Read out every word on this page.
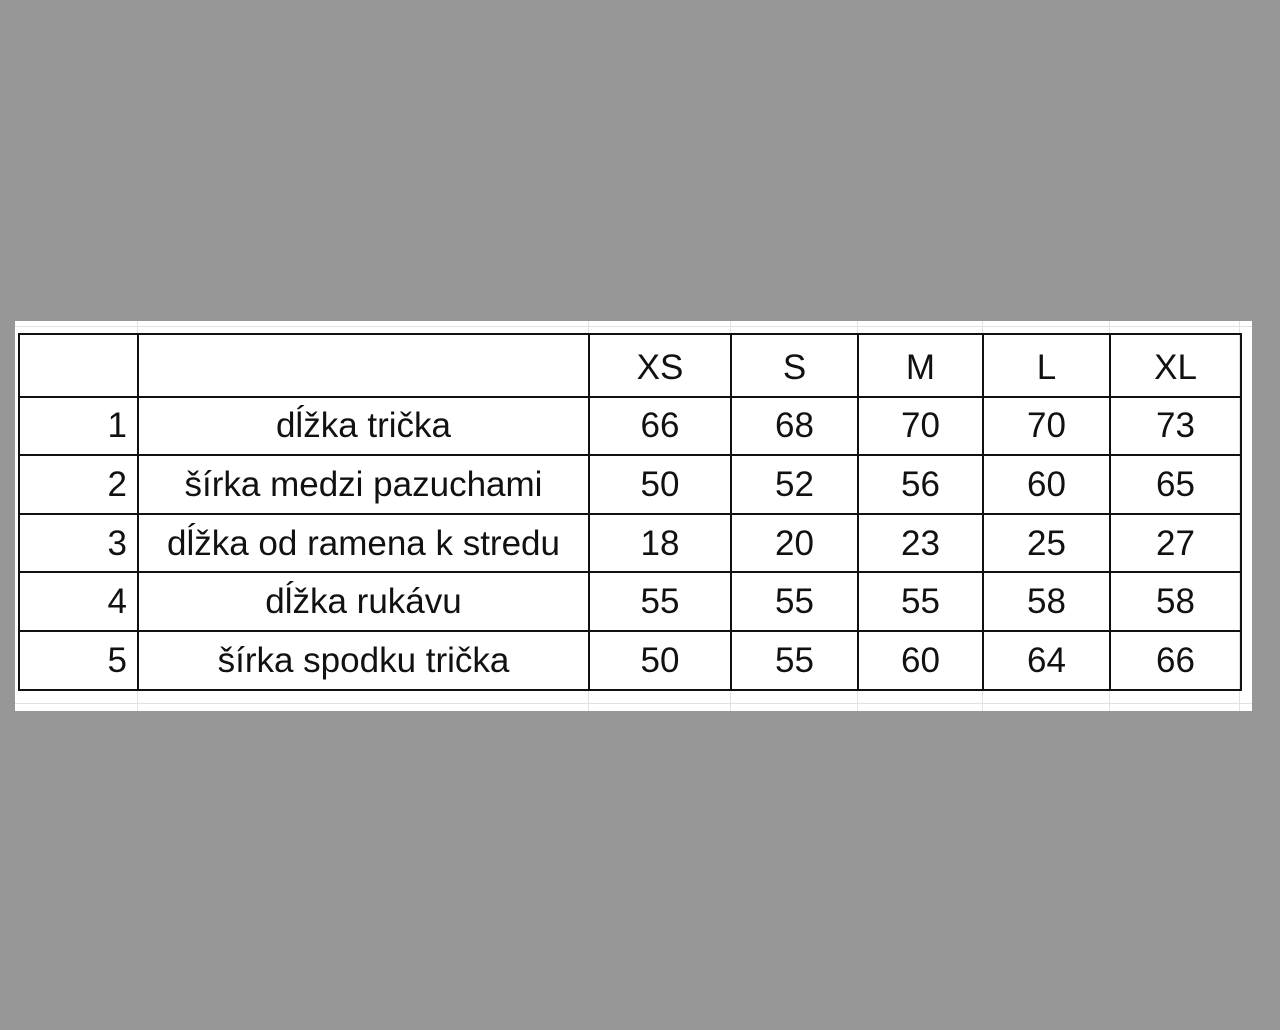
		XS	S	M	L	XL
1	dĺžka trička	66	68	70	70	73
2	šírka medzi pazuchami	50	52	56	60	65
3	dĺžka od ramena k stredu	18	20	23	25	27
4	dĺžka rukávu	55	55	55	58	58
5	šírka spodku trička	50	55	60	64	66
